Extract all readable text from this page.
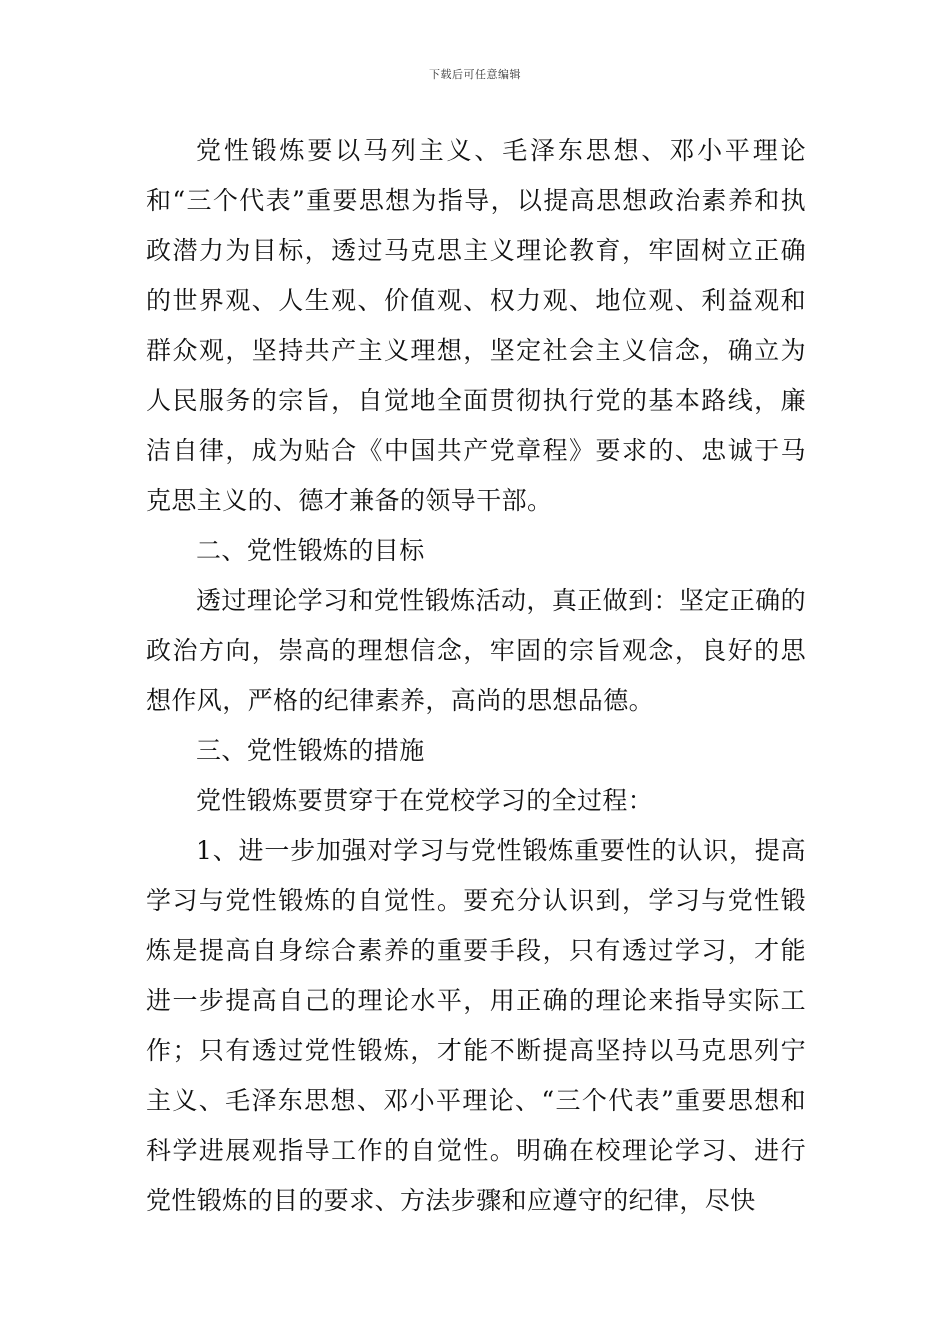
下载后可任意编辑

党性锻炼要以马列主义、毛泽东思想、邓小平理论和“三个代表”重要思想为指导，以提高思想政治素养和执政潜力为目标，透过马克思主义理论教育，牢固树立正确的世界观、人生观、价值观、权力观、地位观、利益观和群众观，坚持共产主义理想，坚定社会主义信念，确立为人民服务的宗旨，自觉地全面贯彻执行党的基本路线，廉洁自律，成为贴合《中国共产党章程》要求的、忠诚于马克思主义的、德才兼备的领导干部。

二、党性锻炼的目标

透过理论学习和党性锻炼活动，真正做到：坚定正确的政治方向，崇高的理想信念，牢固的宗旨观念，良好的思想作风，严格的纪律素养，高尚的思想品德。

三、党性锻炼的措施

党性锻炼要贯穿于在党校学习的全过程：

1、进一步加强对学习与党性锻炼重要性的认识，提高学习与党性锻炼的自觉性。要充分认识到，学习与党性锻炼是提高自身综合素养的重要手段，只有透过学习，才能进一步提高自己的理论水平，用正确的理论来指导实际工作；只有透过党性锻炼，才能不断提高坚持以马克思列宁主义、毛泽东思想、邓小平理论、“三个代表”重要思想和科学进展观指导工作的自觉性。明确在校理论学习、进行党性锻炼的目的要求、方法步骤和应遵守的纪律，尽快
